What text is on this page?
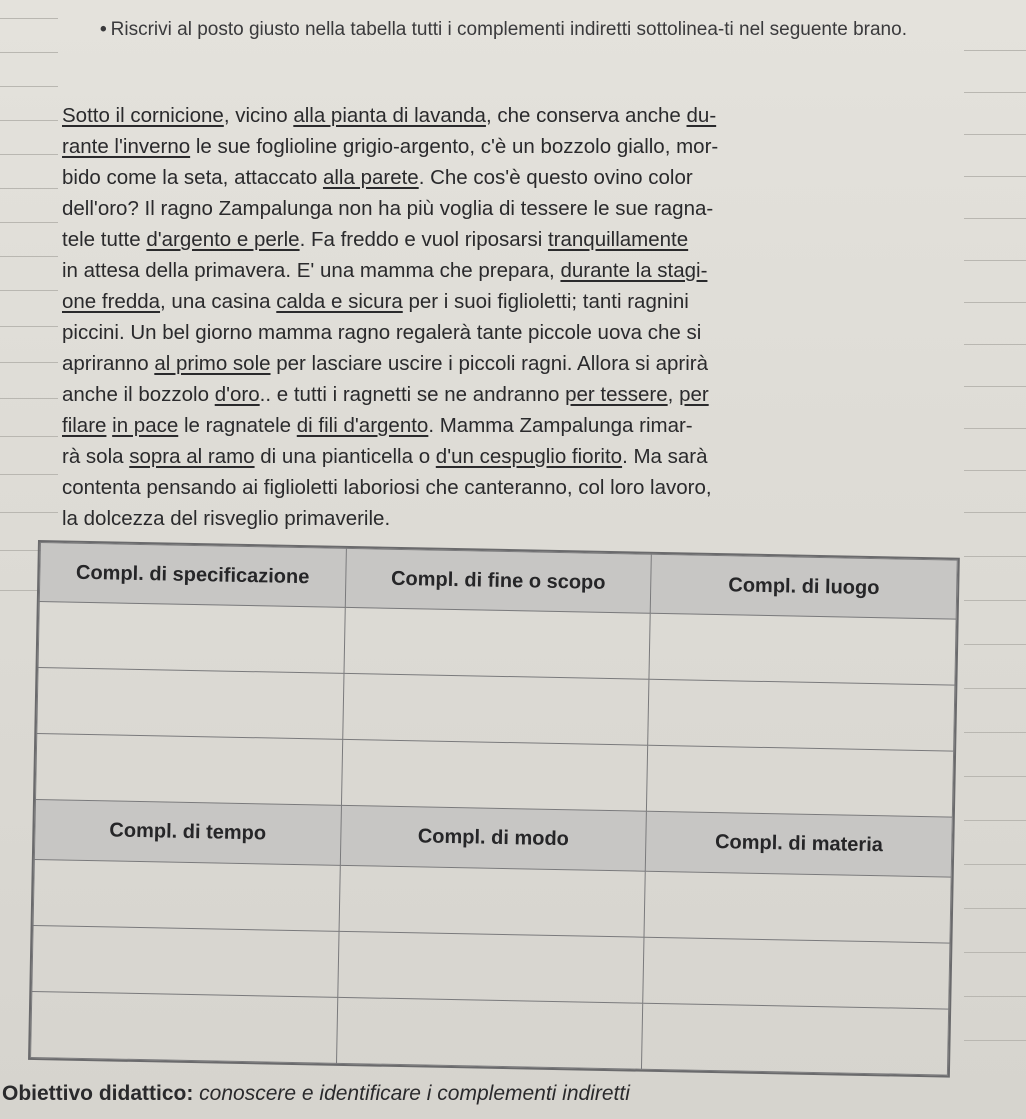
• Riscrivi al posto giusto nella tabella tutti i complementi indiretti sottolinea-ti nel seguente brano.

Sotto il cornicione, vicino alla pianta di lavanda, che conserva anche du-

rante l'inverno le sue foglioline grigio-argento, c'è un bozzolo giallo, mor-

bido come la seta, attaccato alla parete. Che cos'è questo ovino color

dell'oro? Il ragno Zampalunga non ha più voglia di tessere le sue ragna-

tele tutte d'argento e perle. Fa freddo e vuol riposarsi tranquillamente

in attesa della primavera. E' una mamma che prepara, durante la stagi-

one fredda, una casina calda e sicura per i suoi figlioletti; tanti ragnini

piccini. Un bel giorno mamma ragno regalerà tante piccole uova che si

apriranno al primo sole per lasciare uscire i piccoli ragni. Allora si aprirà

anche il bozzolo d'oro.. e tutti i ragnetti se ne andranno per tessere, per

filare in pace le ragnatele di fili d'argento. Mamma Zampalunga rimar-

rà sola sopra al ramo di una pianticella o d'un cespuglio fiorito. Ma sarà

contenta pensando ai figlioletti laboriosi che canteranno, col loro lavoro,

la dolcezza del risveglio primaverile.

Compl. di specificazione	Compl. di fine o scopo	Compl. di luogo

Compl. di tempo	Compl. di modo	Compl. di materia

Obiettivo didattico: conoscere e identificare i complementi indiretti
